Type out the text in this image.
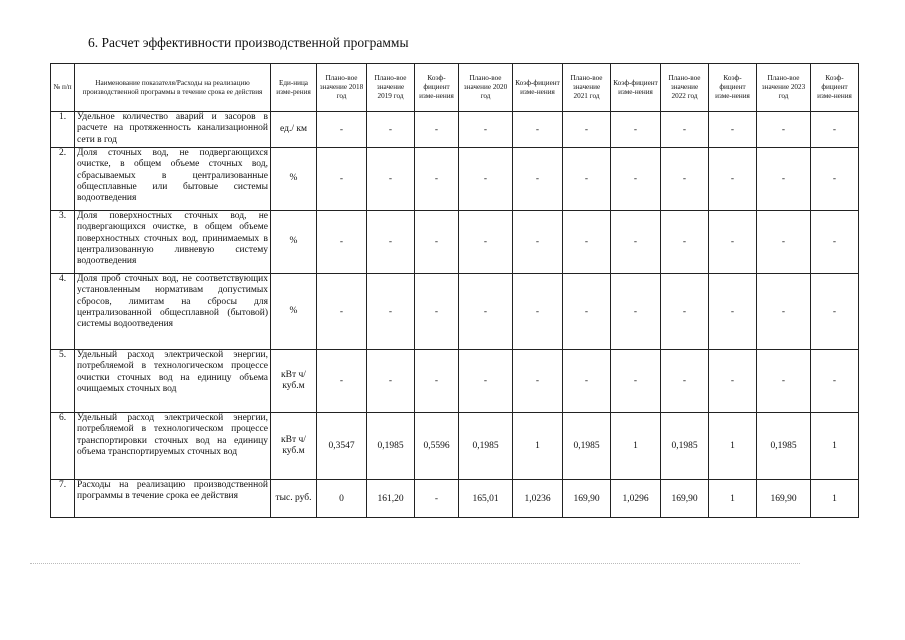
6. Расчет эффективности производственной программы
№ п/п	Наименование показателя/Расходы на реализацию производственной программы в течение срока ее действия	Еди-ница изме-рения	Плано-вое значение 2018 год	Плано-вое значение 2019 год	Коэф-фициент изме-нения	Плано-вое значение 2020 год	Коэф-фициент изме-нения	Плано-вое значение 2021 год	Коэф-фициент изме-нения	Плано-вое значение 2022 год	Коэф-фициент изме-нения	Плано-вое значение 2023 год	Коэф-фициент изме-нения
1.	Удельное количество аварий и засоров в расчете на протяженность канализационной сети в год	ед./ км	-	-	-	-	-	-	-	-	-	-	-
2.	Доля сточных вод, не подвергающихся очистке, в общем объеме сточных вод, сбрасываемых в централизованные общесплавные или бытовые системы водоотведения	%	-	-	-	-	-	-	-	-	-	-	-
3.	Доля поверхностных сточных вод, не подвергающихся очистке, в общем объеме поверхностных сточных вод, принимаемых в централизованную ливневую систему водоотведения	%	-	-	-	-	-	-	-	-	-	-	-
4.	Доля проб сточных вод, не соответствующих установленным нормативам допустимых сбросов, лимитам на сбросы для централизованной общесплавной (бытовой) системы водоотведения	%	-	-	-	-	-	-	-	-	-	-	-
5.	Удельный расход электрической энергии, потребляемой в технологическом процессе очистки сточных вод на единицу объема очищаемых сточных вод	кВт ч/куб.м	-	-	-	-	-	-	-	-	-	-	-
6.	Удельный расход электрической энергии, потребляемой в технологическом процессе транспортировки сточных вод на единицу объема транспортируемых сточных вод	кВт ч/куб.м	0,3547	0,1985	0,5596	0,1985	1	0,1985	1	0,1985	1	0,1985	1
7.	Расходы на реализацию производственной программы в течение срока ее действия	тыс. руб.	0	161,20	-	165,01	1,0236	169,90	1,0296	169,90	1	169,90	1
